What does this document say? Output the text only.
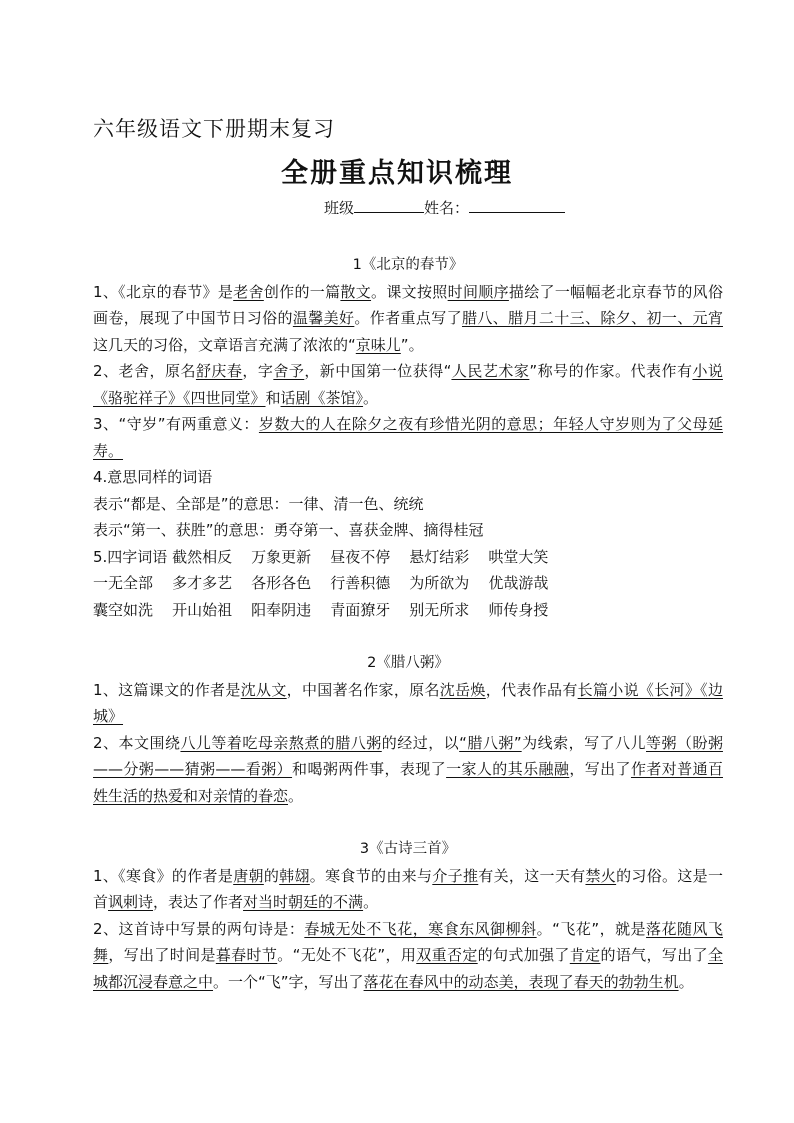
六年级语文下册期末复习
全册重点知识梳理
班级	姓名：

1《北京的春节》

1、《北京的春节》是老舍创作的一篇散文。课文按照时间顺序描绘了一幅幅老北京春节的风俗画卷，展现了中国节日习俗的温馨美好。作者重点写了腊八、腊月二十三、除夕、初一、元宵这几天的习俗，文章语言充满了浓浓的“京味儿”。

2、老舍，原名舒庆春，字舍予，新中国第一位获得“人民艺术家”称号的作家。代表作有小说《骆驼祥子》《四世同堂》和话剧《茶馆》。

3、“守岁”有两重意义：岁数大的人在除夕之夜有珍惜光阴的意思；年轻人守岁则为了父母延寿。

4.意思同样的词语

表示“都是、全部是”的意思：一律、清一色、统统

表示“第一、获胜”的意思：勇夺第一、喜获金牌、摘得桂冠

5.四字词语 截然相反    万象更新    昼夜不停    悬灯结彩    哄堂大笑

一无全部    多才多艺    各形各色    行善积德    为所欲为    优哉游哉

囊空如洗    开山始祖    阳奉阴违    青面獠牙    别无所求    师传身授

2《腊八粥》

1、这篇课文的作者是沈从文，中国著名作家，原名沈岳焕，代表作品有长篇小说《长河》《边城》

2、本文围绕八儿等着吃母亲熬煮的腊八粥的经过，以“腊八粥”为线索，写了八儿等粥（盼粥——分粥——猜粥——看粥）和喝粥两件事，表现了一家人的其乐融融，写出了作者对普通百姓生活的热爱和对亲情的眷恋。

3《古诗三首》

1、《寒食》的作者是唐朝的韩翃。寒食节的由来与介子推有关，这一天有禁火的习俗。这是一首讽刺诗，表达了作者对当时朝廷的不满。

2、这首诗中写景的两句诗是：春城无处不飞花，寒食东风御柳斜。“飞花”，就是落花随风飞舞，写出了时间是暮春时节。“无处不飞花”，用双重否定的句式加强了肯定的语气，写出了全城都沉浸春意之中。一个“飞”字，写出了落花在春风中的动态美，表现了春天的勃勃生机。
